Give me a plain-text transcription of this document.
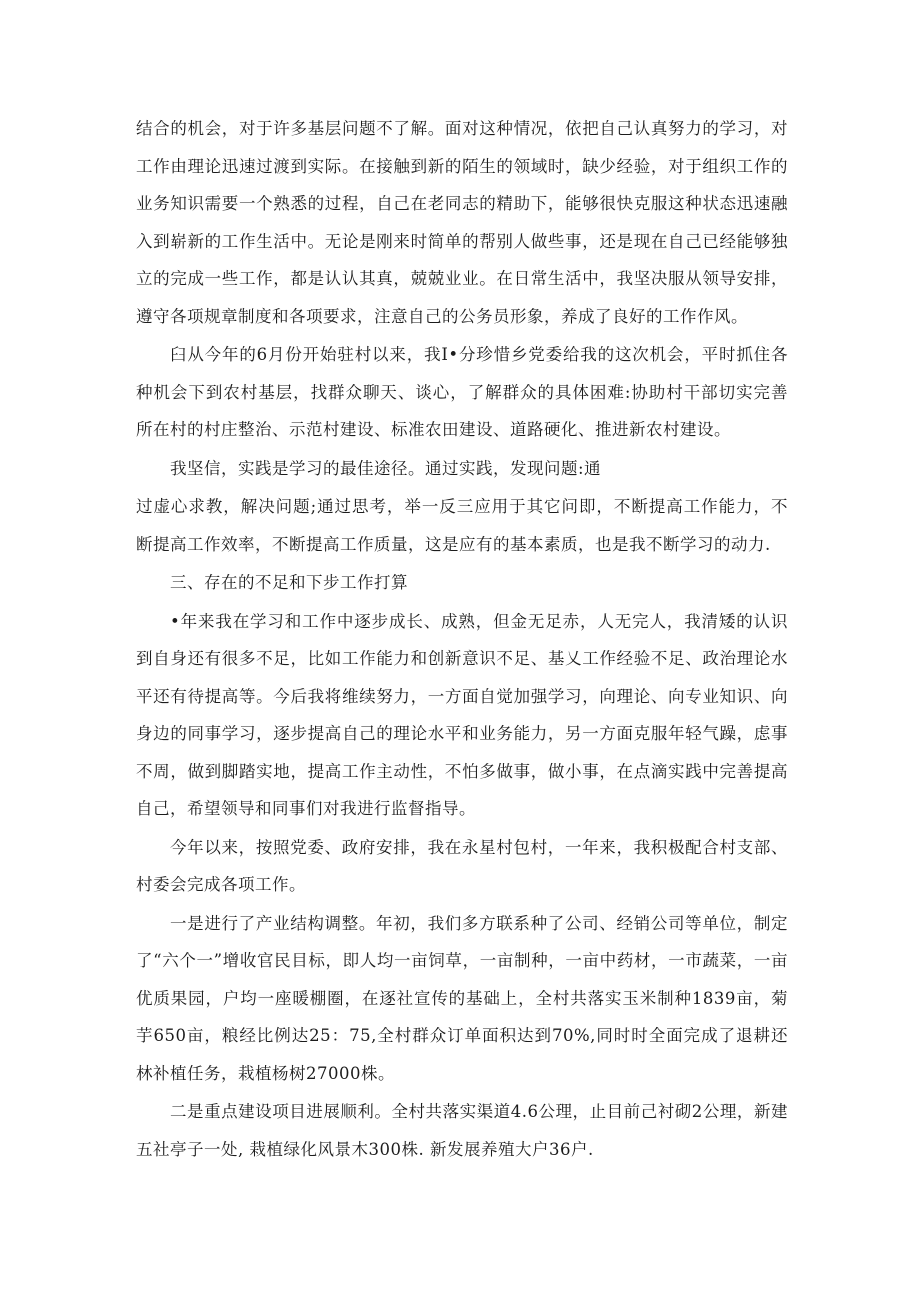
结合的机会，对于许多基层问题不了解。面对这种情况，依把自己认真努力的学习，对工作由理论迅速过渡到实际。在接触到新的陌生的领域时，缺少经验，对于组织工作的业务知识需要一个熟悉的过程，自己在老同志的精助下，能够很快克服这种状态迅速融入到崭新的工作生活中。无论是刚来时简单的帮别人做些事，还是现在自己已经能够独立的完成一些工作，都是认认其真，兢兢业业。在日常生活中，我坚决服从领导安排，遵守各项规章制度和各项要求，注意自己的公务员形象，养成了良好的工作作风。

臼从今年的6月份开始驻村以来，我I•分珍惜乡党委给我的这次机会，平时抓住各种机会下到农村基层，找群众聊天、谈心，了解群众的具体困难:协助村干部切实完善所在村的村庄整治、示范村建设、标准农田建设、道路硬化、推进新农村建设。

我坚信，实践是学习的最佳途径。通过实践，发现问题:通

过虚心求教，解决问题;通过思考，举一反三应用于其它问即，不断提高工作能力，不断提高工作效率，不断提高工作质量，这是应有的基本素质，也是我不断学习的动力.

三、存在的不足和下步工作打算

•年来我在学习和工作中逐步成长、成熟，但金无足赤，人无完人，我清矮的认识到自身还有很多不足，比如工作能力和创新意识不足、基乂工作经验不足、政治理论水平还有待提高等。今后我将维续努力，一方面自觉加强学习，向理论、向专业知识、向身边的同事学习，逐步提高自己的理论水平和业务能力，另一方面克服年轻气躁，虑事不周，做到脚踏实地，提高工作主动性，不怕多做事，做小事，在点滴实践中完善提高自己，希望领导和同事们对我进行监督指导。

今年以来，按照党委、政府安排，我在永星村包村，一年来，我积极配合村支部、村委会完成各项工作。

一是进行了产业结构调整。年初，我们多方联系种了公司、经销公司等单位，制定了“六个一”增收官民目标，即人均一亩饲草，一亩制种，一亩中药材，一市蔬菜，一亩优质果园，户均一座暖棚圈，在逐社宣传的基础上，全村共落实玉米制种1839亩，菊芋650亩，粮经比例达25：75,全村群众订单面积达到70%,同时时全面完成了退耕还林补植任务，栽植杨树27000株。

二是重点建设项目进展顺利。全村共落实渠道4.6公理，止目前己衬砌2公理，新建五社亭子一处, 栽植绿化风景木300株. 新发展养殖大户36户.
